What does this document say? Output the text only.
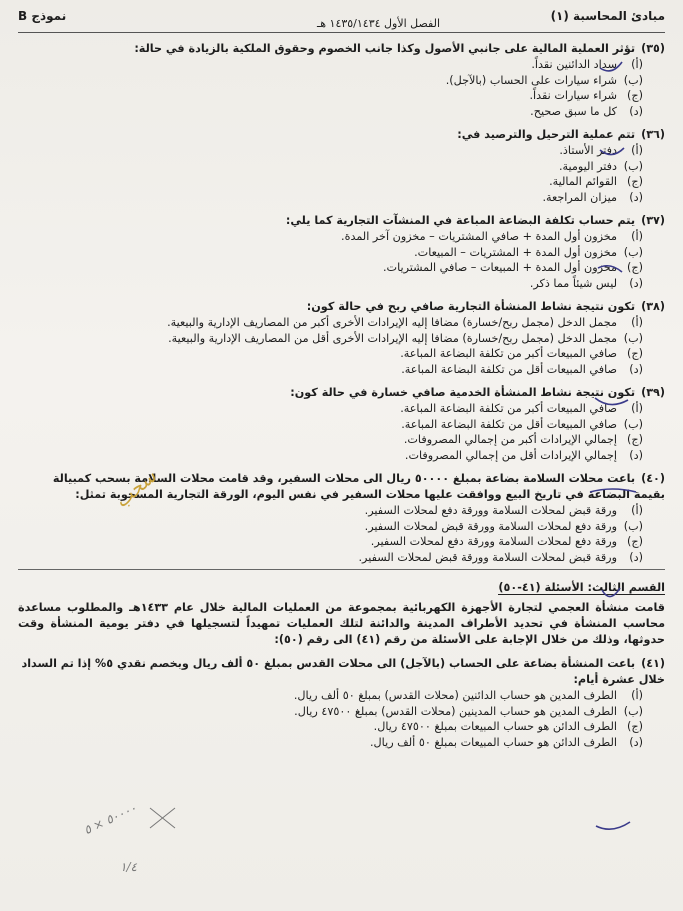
مبادئ المحاسبة (١)
الفصل الأول ١٤٣٥/١٤٣٤ هـ
نموذج B
(٣٥)تؤثر العملية المالية على جانبي الأصول وكذا جانب الخصوم وحقوق الملكية بالزيادة في حالة:
(أ)
سداد الدائنين نقداً.
(ب)
شراء سيارات على الحساب (بالآجل).
(ج)
شراء سيارات نقداً.
(د)
كل ما سبق صحيح.
(٣٦)تتم عملية الترحيل والترصيد في:
(أ)
دفتر الأستاذ.
(ب)
دفتر اليومية.
(ج)
القوائم المالية.
(د)
ميزان المراجعة.
(٣٧)يتم حساب تكلفة البضاعة المباعة في المنشآت التجارية كما يلي:
(أ)
مخزون أول المدة + صافي المشتريات – مخزون آخر المدة.
(ب)
مخزون أول المدة + المشتريات – المبيعات.
(ج)
مخزون أول المدة + المبيعات – صافي المشتريات.
(د)
ليس شيئاً مما ذكر.
(٣٨)تكون نتيجة نشاط المنشأة التجارية صافي ربح في حالة كون:
(أ)
مجمل الدخل (مجمل ربح/خسارة) مضافا إليه الإيرادات الأخرى أكبر من المصاريف الإدارية والبيعية.
(ب)
مجمل الدخل (مجمل ربح/خسارة) مضافا إليه الإيرادات الأخرى أقل من المصاريف الإدارية والبيعية.
(ج)
صافي المبيعات أكبر من تكلفة البضاعة المباعة.
(د)
صافي المبيعات أقل من تكلفة البضاعة المباعة.
(٣٩)تكون نتيجة نشاط المنشأة الخدمية صافي خسارة في حالة كون:
(أ)
صافي المبيعات أكبر من تكلفة البضاعة المباعة.
(ب)
صافي المبيعات أقل من تكلفة البضاعة المباعة.
(ج)
إجمالي الإيرادات أكبر من إجمالي المصروفات.
(د)
إجمالي الإيرادات أقل من إجمالي المصروفات.
(٤٠)باعت محلات السلامة بضاعة بمبلغ ٥٠٠٠٠ ريال الى محلات السفير، وقد قامت محلات السلامة بسحب كمبيالة بقيمة البضاعة في تاريخ البيع ووافقت عليها محلات السفير في نفس اليوم، الورقة التجارية المسحوبة تمثل:
(أ)
ورقة قبض لمحلات السلامة وورقة دفع لمحلات السفير.
(ب)
ورقة دفع لمحلات السلامة وورقة قبض لمحلات السفير.
(ج)
ورقة دفع لمحلات السلامة وورقة دفع لمحلات السفير.
(د)
ورقة قبض لمحلات السلامة وورقة قبض لمحلات السفير.
القسم الثالث: الأسئلة (٤١-٥٠)
قامت منشأة العجمي لتجارة الأجهزة الكهربائية بمجموعة من العمليات المالية خلال عام ١٤٣٣هـ والمطلوب مساعدة محاسب المنشأة في تحديد الأطراف المدينة والدائنة لتلك العمليات تمهيداً لتسجيلها في دفتر يومية المنشأة وقت حدوثها، وذلك من خلال الإجابة على الأسئلة من رقم (٤١) الى رقم (٥٠):
(٤١)باعت المنشأة بضاعة على الحساب (بالآجل) الى محلات القدس بمبلغ ٥٠ ألف ريال وبخصم نقدي ٥% إذا تم السداد خلال عشرة أيام:
(أ)
الطرف المدين هو حساب الدائنين (محلات القدس) بمبلغ ٥٠ ألف ريال.
(ب)
الطرف المدين هو حساب المدينين (محلات القدس) بمبلغ ٤٧٥٠٠ ريال.
(ج)
الطرف الدائن هو حساب المبيعات بمبلغ ٤٧٥٠٠ ريال.
(د)
الطرف الدائن هو حساب المبيعات بمبلغ ٥٠ ألف ريال.
سحب
٥٠٠٠٠ × ٥
١/٤
